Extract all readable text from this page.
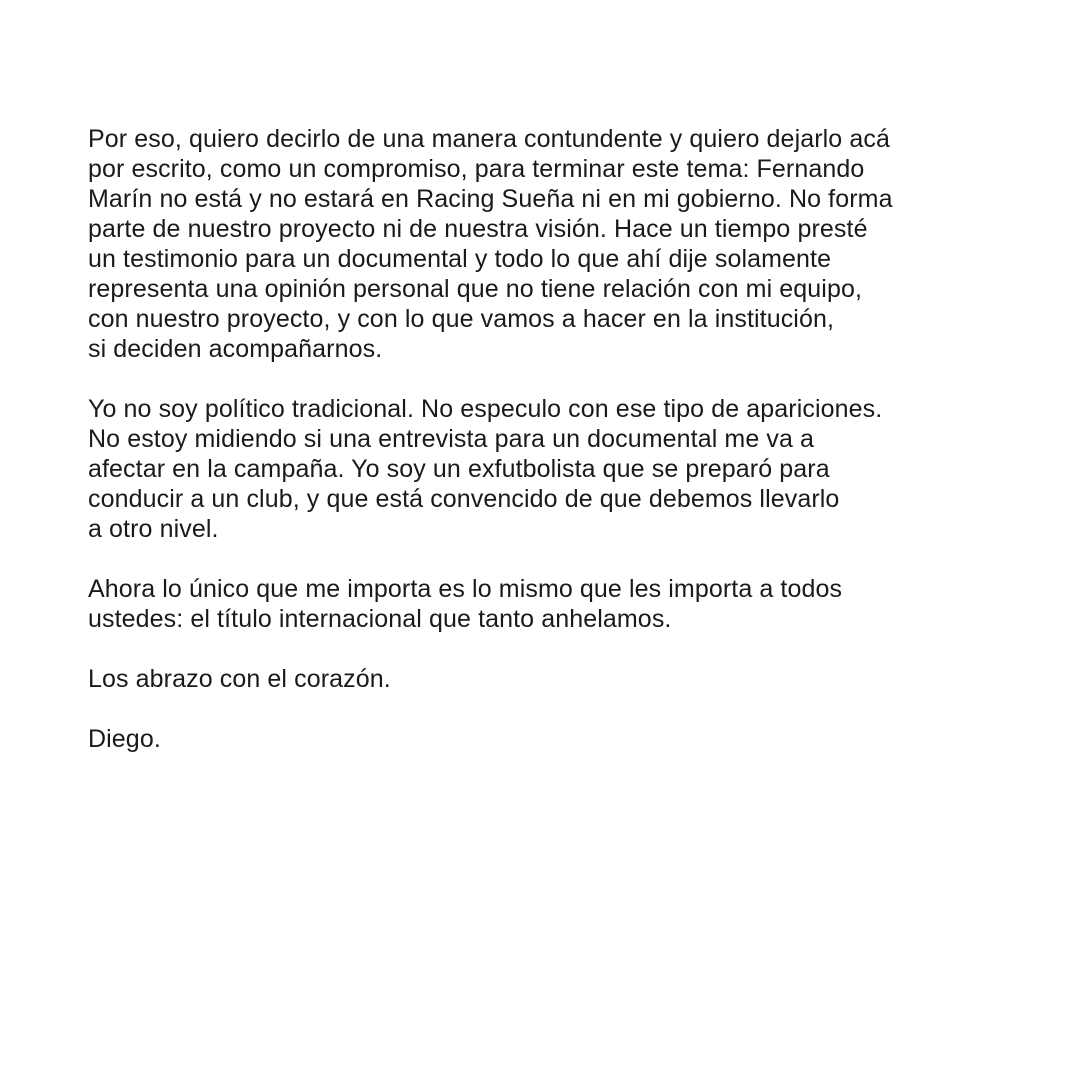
Por eso, quiero decirlo de una manera contundente y quiero dejarlo acá
por escrito, como un compromiso, para terminar este tema: Fernando
Marín no está y no estará en Racing Sueña ni en mi gobierno. No forma
parte de nuestro proyecto ni de nuestra visión. Hace un tiempo presté
un testimonio para un documental y todo lo que ahí dije solamente
representa una opinión personal que no tiene relación con mi equipo,
con nuestro proyecto, y con lo que vamos a hacer en la institución,
si deciden acompañarnos.

Yo no soy político tradicional. No especulo con ese tipo de apariciones.
No estoy midiendo si una entrevista para un documental me va a
afectar en la campaña. Yo soy un exfutbolista que se preparó para
conducir a un club, y que está convencido de que debemos llevarlo
a otro nivel.

Ahora lo único que me importa es lo mismo que les importa a todos
ustedes: el título internacional que tanto anhelamos.

Los abrazo con el corazón.

Diego.
